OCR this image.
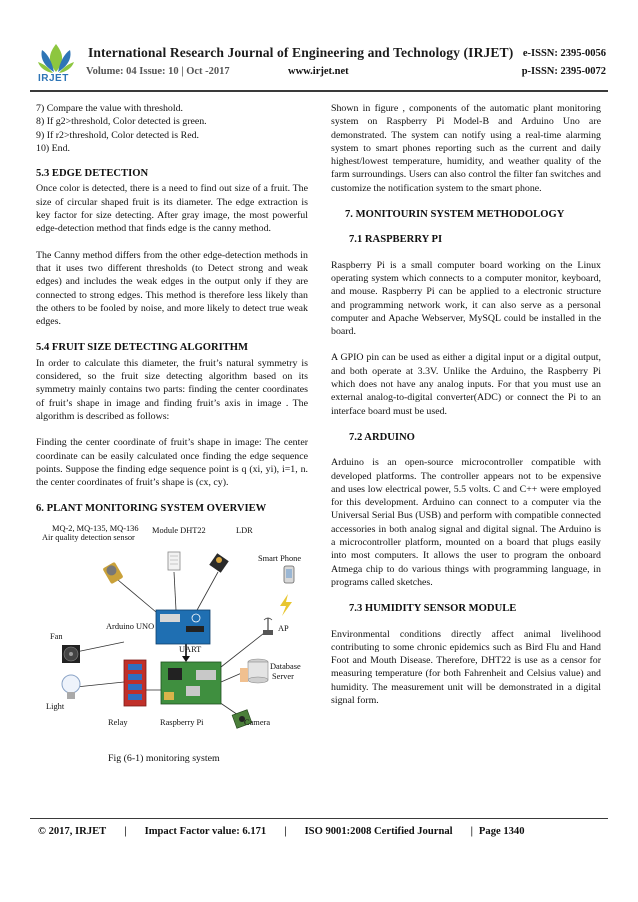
IRJET
International Research Journal of Engineering and Technology (IRJET) e-ISSN: 2395-0056
Volume: 04 Issue: 10 | Oct -2017	www.irjet.net	p-ISSN: 2395-0072

7) Compare the value with threshold.

8) If g2>threshold, Color detected is green.

9) If r2>threshold, Color detected is Red.

10) End.

5.3 EDGE DETECTION

Once color is detected, there is a need to find out size of a fruit. The size of circular shaped fruit is its diameter. The edge extraction is key factor for size detecting. After gray image, the most powerful edge-detection method that finds edge is the canny method.

The Canny method differs from the other edge-detection methods in that it uses two different thresholds (to Detect strong and weak edges) and includes the weak edges in the output only if they are connected to strong edges. This method is therefore less likely than the others to be fooled by noise, and more likely to detect true weak edges.

5.4 FRUIT SIZE DETECTING ALGORITHM

In order to calculate this diameter, the fruit’s natural symmetry is considered, so the fruit size detecting algorithm based on its symmetry mainly contains two parts: finding the center coordinates of fruit’s shape in image and finding fruit’s axis in image . The algorithm is described as follows:

Finding the center coordinate of fruit’s shape in image: The center coordinate can be easily calculated once finding the edge sequence points. Suppose the finding edge sequence point is q (xi, yi), i=1, n. the center coordinates of fruit’s shape is (cx, cy).

6. PLANT MONITORING SYSTEM OVERVIEW
MQ-2, MQ-135, MQ-136
Air quality detection sensor
Module DHT22	LDR
Smart Phone
Arduino UNO
Fan
AP
UART
Database
Server
Light
Relay	Raspberry Pi	Camera

Fig (6-1) monitoring system

Shown in figure , components of the automatic plant monitoring system on Raspberry Pi Model-B and Arduino Uno are demonstrated. The system can notify using a real-time alarming system to smart phones reporting such as the current and daily highest/lowest temperature, humidity, and weather quality of the farm surroundings. Users can also control the filter fan switches and customize the notification system to the smart phone.

7. MONITOURIN SYSTEM METHODOLOGY
7.1 RASPBERRY PI

Raspberry Pi is a small computer board working on the Linux operating system which connects to a computer monitor, keyboard, and mouse. Raspberry Pi can be applied to a electronic structure and programming network work, it can also serve as a personal computer and Apache Webserver, MySQL could be installed in the board.

A GPIO pin can be used as either a digital input or a digital output, and both operate at 3.3V. Unlike the Arduino, the Raspberry Pi which does not have any analog inputs. For that you must use an external analog-to-digital converter(ADC) or connect the Pi to an interface board must be used.

7.2 ARDUINO

Arduino is an open-source microcontroller compatible with developed platforms. The controller appears not to be expensive and uses low electrical power, 5.5 volts. C and C++ were employed for this development. Arduino can connect to a computer via the Universal Serial Bus (USB) and perform with compatible connected accessories in both analog signal and digital signal. The Arduino is a microcontroller platform, mounted on a board that plugs easily into most computers. It allows the user to program the onboard Atmega chip to do various things with programming language, in programs called sketches.

7.3 HUMIDITY SENSOR MODULE

Environmental conditions directly affect animal livelihood contributing to some chronic epidemics such as Bird Flu and Hand Foot and Mouth Disease. Therefore, DHT22 is use as a censor for measuring temperature (for both Fahrenheit and Celsius value) and humidity. The measurement unit will be demonstrated in a digital signal form.

© 2017, IRJET | Impact Factor value: 6.171 | ISO 9001:2008 Certified Journal | Page 1340
